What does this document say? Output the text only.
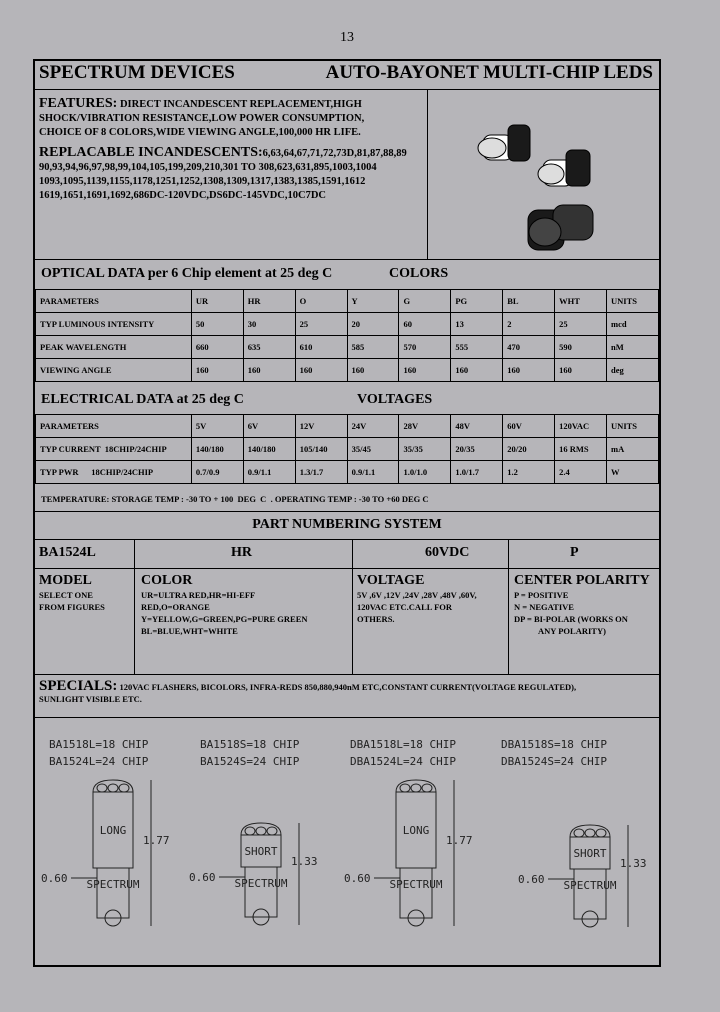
13
SPECTRUM DEVICES	AUTO-BAYONET MULTI-CHIP LEDS
FEATURES: DIRECT INCANDESCENT REPLACEMENT,HIGH
SHOCK/VIBRATION RESISTANCE,LOW POWER CONSUMPTION,
CHOICE OF 8 COLORS,WIDE VIEWING ANGLE,100,000 HR LIFE.
REPLACABLE INCANDESCENTS:6,63,64,67,71,72,73D,81,87,88,89
90,93,94,96,97,98,99,104,105,199,209,210,301 TO 308,623,631,895,1003,1004
1093,1095,1139,1155,1178,1251,1252,1308,1309,1317,1383,1385,1591,1612
1619,1651,1691,1692,686DC-120VDC,DS6DC-145VDC,10C7DC
OPTICAL DATA per 6 Chip element at 25 deg C	COLORS
PARAMETERS	UR	HR	O	Y	G	PG	BL	WHT	UNITS
TYP LUMINOUS INTENSITY	50	30	25	20	60	13	2	25	mcd
PEAK WAVELENGTH	660	635	610	585	570	555	470	590	nM
VIEWING ANGLE	160	160	160	160	160	160	160	160	deg
ELECTRICAL DATA at 25 deg C	VOLTAGES
PARAMETERS	5V	6V	12V	24V	28V	48V	60V	120VAC	UNITS
TYP CURRENT  18CHIP/24CHIP	140/180	140/180	105/140	35/45	35/35	20/35	20/20	16 RMS	mA
TYP PWR      18CHIP/24CHIP	0.7/0.9	0.9/1.1	1.3/1.7	0.9/1.1	1.0/1.0	1.0/1.7	1.2	2.4	W
TEMPERATURE: STORAGE TEMP : -30 TO + 100  DEG  C  . OPERATING TEMP : -30 TO +60 DEG C
PART NUMBERING SYSTEM
BA1524L	HR	60VDC	P
MODEL
SELECT ONE
FROM FIGURES
COLOR
UR=ULTRA RED,HR=HI-EFF
RED,O=ORANGE
Y=YELLOW,G=GREEN,PG=PURE GREEN
BL=BLUE,WHT=WHITE
VOLTAGE
5V ,6V ,12V ,24V ,28V ,48V ,60V,
120VAC ETC.CALL FOR
OTHERS.
CENTER POLARITY
P = POSITIVE
N = NEGATIVE
DP = BI-POLAR (WORKS ON
ANY POLARITY)
SPECIALS: 120VAC FLASHERS, BICOLORS, INFRA-REDS 850,880,940nM ETC,CONSTANT CURRENT(VOLTAGE REGULATED),
SUNLIGHT VISIBLE ETC.
BA1518L=18 CHIP
BA1524L=24 CHIP
LONG
SPECTRUM
1.77
0.60
BA1518S=18 CHIP
BA1524S=24 CHIP
SHORT
SPECTRUM
1.33
0.60
DBA1518L=18 CHIP
DBA1524L=24 CHIP
LONG
SPECTRUM
1.77
0.60
DBA1518S=18 CHIP
DBA1524S=24 CHIP
SHORT
SPECTRUM
1.33
0.60
